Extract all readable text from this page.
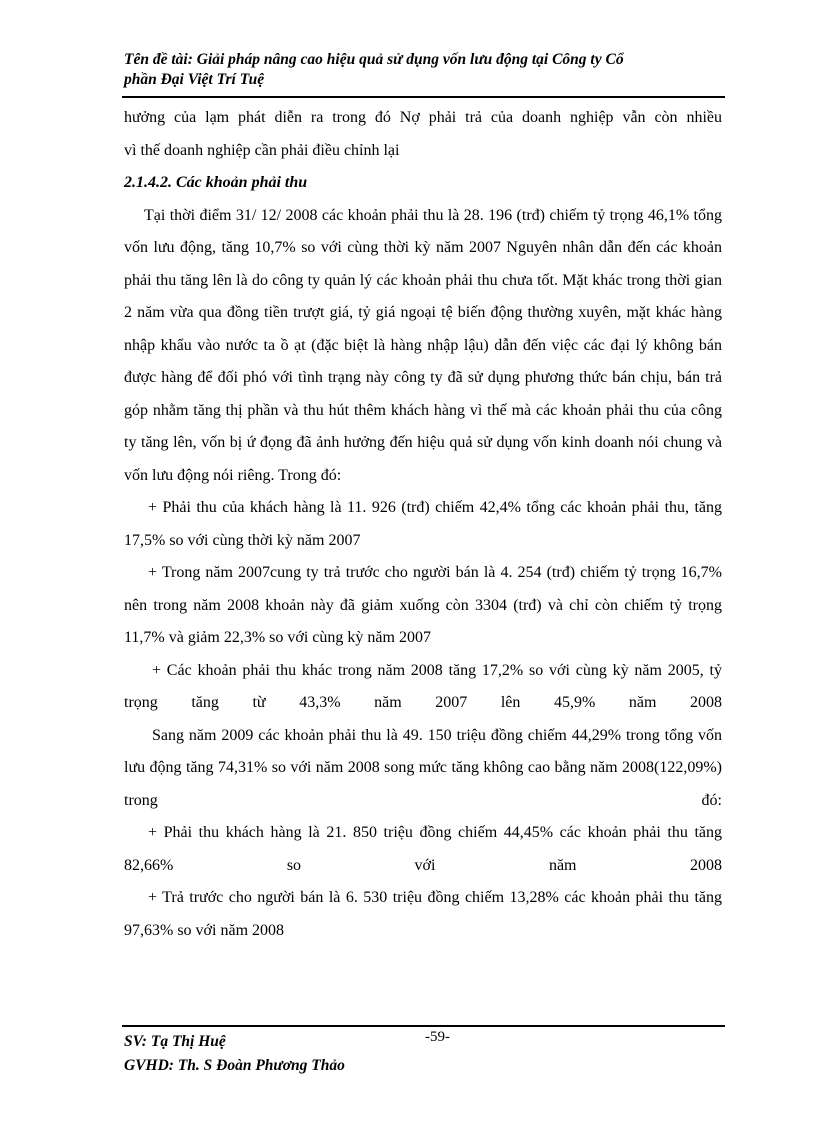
Tên đề tài: Giải pháp nâng cao hiệu quả sử dụng vốn lưu động tại Công ty Cổ
phần Đại Việt Trí Tuệ

hưởng của lạm phát diễn ra trong đó Nợ phải trả của doanh nghiệp vẫn còn nhiều

vì thế doanh nghiệp cần phải điều chỉnh lại

2.1.4.2. Các khoản phải thu

Tại thời điểm 31/ 12/ 2008 các khoản phải thu là 28. 196 (trđ) chiếm tỷ trọng 46,1% tổng vốn lưu động, tăng 10,7% so với cùng thời kỳ năm 2007 Nguyên nhân dẫn đến các khoản phải thu tăng lên là do công ty quản lý các khoản phải thu chưa tốt. Mặt khác trong thời gian 2 năm vừa qua đồng tiền trượt giá, tỷ giá ngoại tệ biến động thường xuyên, mặt khác hàng nhập khẩu vào nước ta ồ ạt (đặc biệt là hàng nhập lậu) dẫn đến việc các đại lý không bán được hàng để đối phó với tình trạng này công ty đã sử dụng phương thức bán chịu, bán trả góp nhằm tăng thị phần và thu hút thêm khách hàng vì thế mà các khoản phải thu của công ty tăng lên, vốn bị ứ đọng đã ảnh hưởng đến hiệu quả sử dụng vốn kinh doanh nói chung và vốn lưu động nói riêng. Trong đó:

+ Phải thu của khách hàng là 11. 926 (trđ) chiếm 42,4% tổng các khoản phải thu, tăng 17,5% so với cùng thời kỳ năm 2007

+ Trong năm 2007cung ty trả trước cho người bán là 4. 254 (trđ) chiếm tỷ trọng 16,7% nên trong năm 2008 khoản này đã giảm xuống còn 3304 (trđ) và chỉ còn chiếm tỷ trọng 11,7% và giảm 22,3% so với cùng kỳ năm 2007

+ Các khoản phải thu khác trong năm 2008 tăng 17,2% so với cùng kỳ năm 2005, tỷ trọng tăng từ 43,3% năm 2007 lên 45,9% năm 2008

Sang năm 2009 các khoản phải thu là 49. 150 triệu đồng chiếm 44,29% trong tổng vốn lưu động tăng 74,31% so với năm 2008 song mức tăng không cao bằng năm 2008(122,09%) trong đó:

+ Phải thu khách hàng là 21. 850 triệu đồng chiếm 44,45% các khoản phải thu tăng 82,66% so với năm 2008

+ Trả trước cho người bán là 6. 530 triệu đồng chiếm 13,28% các khoản phải thu tăng 97,63% so với năm 2008

SV: Tạ Thị Huệ
GVHD: Th. S Đoàn Phương Thảo
-59-
